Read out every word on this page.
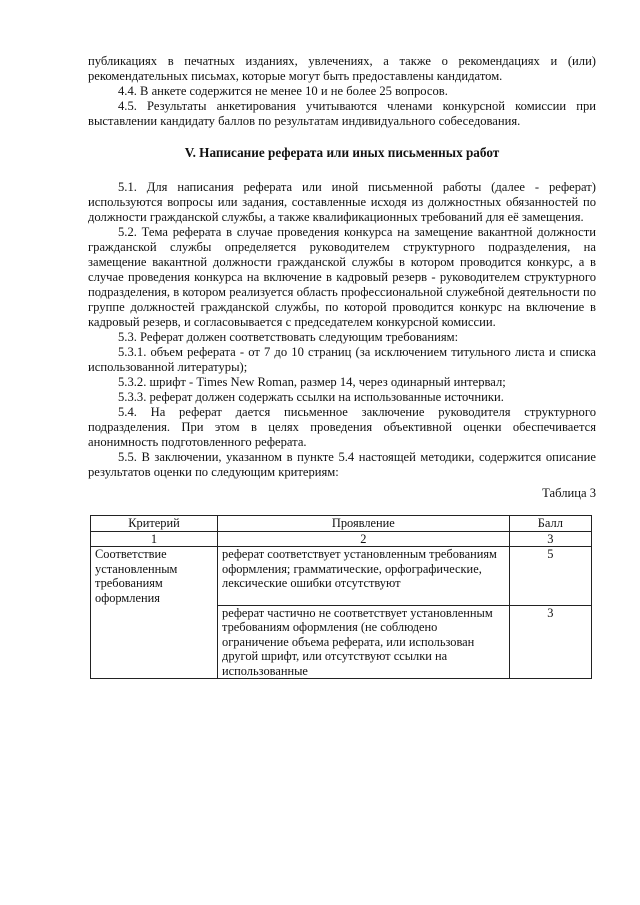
публикациях в печатных изданиях, увлечениях, а также о рекомендациях и (или) рекомендательных письмах, которые могут быть предоставлены кандидатом.

4.4. В анкете содержится не менее 10 и не более 25 вопросов.

4.5. Результаты анкетирования учитываются членами конкурсной комиссии при выставлении кандидату баллов по результатам индивидуального собеседования.

V. Написание реферата или иных письменных работ

5.1. Для написания реферата или иной письменной работы (далее - реферат) используются вопросы или задания, составленные исходя из должностных обязанностей по должности гражданской службы, а также квалификационных требований для её замещения.

5.2. Тема реферата в случае проведения конкурса на замещение вакантной должности гражданской службы определяется руководителем структурного подразделения, на замещение вакантной должности гражданской службы в котором проводится конкурс, а в случае проведения конкурса на включение в кадровый резерв - руководителем структурного подразделения, в котором реализуется область профессиональной служебной деятельности по группе должностей гражданской службы, по которой проводится конкурс на включение в кадровый резерв, и согласовывается с председателем конкурсной комиссии.

5.3. Реферат должен соответствовать следующим требованиям:

5.3.1. объем реферата - от 7 до 10 страниц (за исключением титульного листа и списка использованной литературы);

5.3.2. шрифт - Times New Roman, размер 14, через одинарный интервал;

5.3.3. реферат должен содержать ссылки на использованные источники.

5.4. На реферат дается письменное заключение руководителя структурного подразделения. При этом в целях проведения объективной оценки обеспечивается анонимность подготовленного реферата.

5.5. В заключении, указанном в пункте 5.4 настоящей методики, содержится описание результатов оценки по следующим критериям:

Таблица 3
Критерий	Проявление	Балл
1	2	3
Соответствие установленным требованиям оформления	реферат соответствует установленным требованиям оформления; грамматические, орфографические, лексические ошибки отсутствуют	5
	реферат частично не соответствует установленным требованиям оформления (не соблюдено ограничение объема реферата, или использован другой шрифт, или отсутствуют ссылки на использованные	3
